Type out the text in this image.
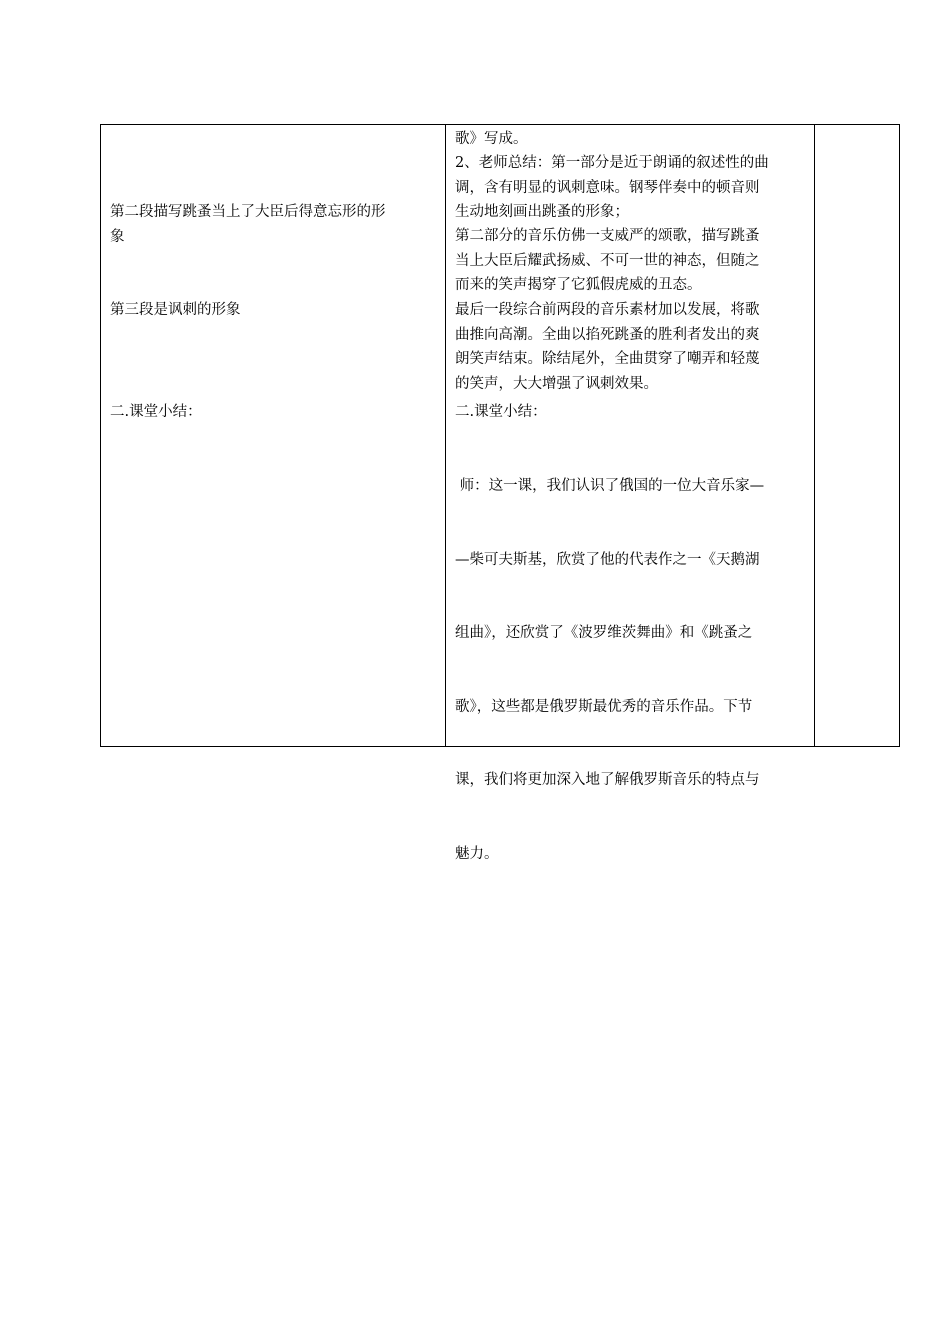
第二段描写跳蚤当上了大臣后得意忘形的形
象

第三段是讽刺的形象

二.课堂小结：

歌》写成。

2、老师总结：第一部分是近于朗诵的叙述性的曲
调，含有明显的讽刺意味。钢琴伴奏中的顿音则
生动地刻画出跳蚤的形象；

第二部分的音乐仿佛一支威严的颂歌，描写跳蚤
当上大臣后耀武扬威、不可一世的神态，但随之
而来的笑声揭穿了它狐假虎威的丑态。

最后一段综合前两段的音乐素材加以发展，将歌
曲推向高潮。全曲以掐死跳蚤的胜利者发出的爽
朗笑声结束。除结尾外，全曲贯穿了嘲弄和轻蔑
的笑声，大大增强了讽刺效果。

二.课堂小结：

师：这一课，我们认识了俄国的一位大音乐家—

—柴可夫斯基，欣赏了他的代表作之一《天鹅湖

组曲》，还欣赏了《波罗维茨舞曲》和《跳蚤之

歌》，这些都是俄罗斯最优秀的音乐作品。下节

课，我们将更加深入地了解俄罗斯音乐的特点与

魅力。
